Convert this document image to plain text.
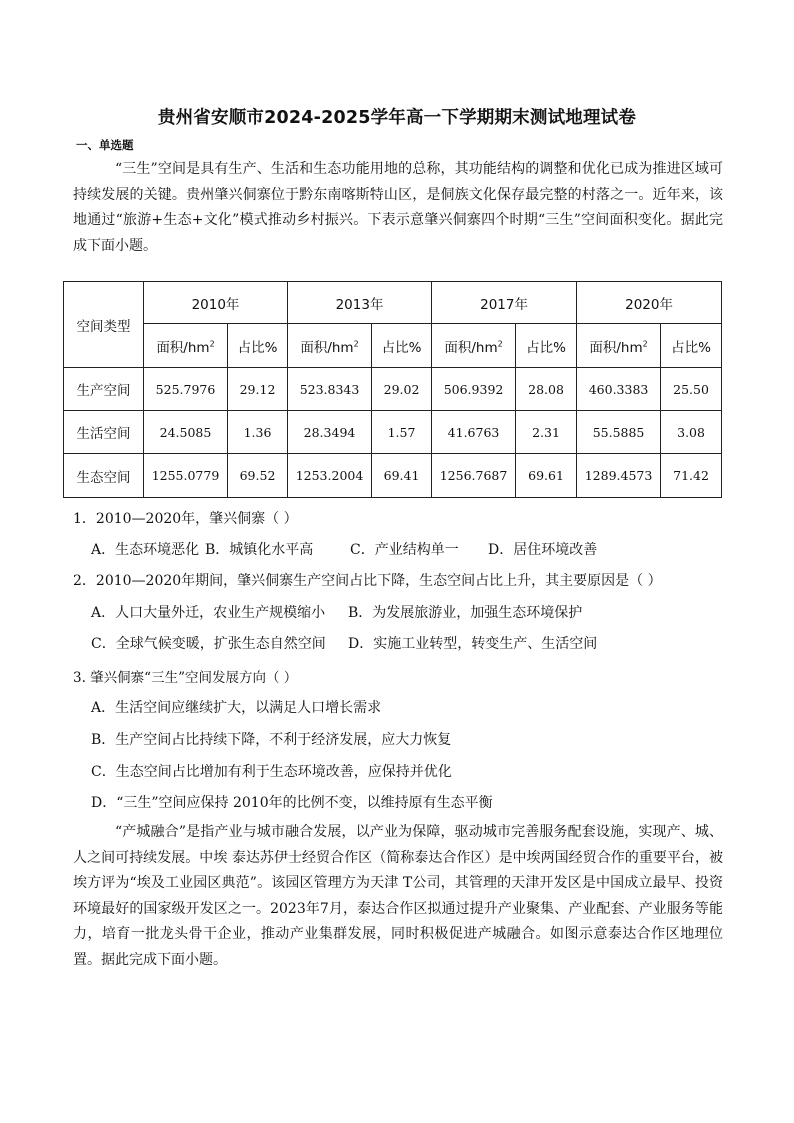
贵州省安顺市2024-2025学年高一下学期期末测试地理试卷
一、单选题
“三生”空间是具有生产、生活和生态功能用地的总称，其功能结构的调整和优化已成为推进区域可持续发展的关键。贵州肇兴侗寨位于黔东南喀斯特山区，是侗族文化保存最完整的村落之一。近年来，该地通过“旅游+生态+文化”模式推动乡村振兴。下表示意肇兴侗寨四个时期“三生”空间面积变化。据此完成下面小题。
空间类型	2010年		2013年		2017年		2020年	
	面积$/hm^2$	占比%	面积$/hm^2$	占比%	面积$/hm^2$	占比%	面积$/hm^2$	占比%
生产空间	525.7976	29.12	523.8343	29.02	506.9392	28.08	460.3383	25.50
生活空间	24.5085	1.36	28.3494	1.57	41.6763	2.31	55.5885	3.08
生态空间	1255.0779	69.52	1253.2004	69.41	1256.7687	69.61	1289.4573	71.42
1．2010—2020年，肇兴侗寨（ ）
A．生态环境恶化 B．城镇化水平高	C．产业结构单一 D．居住环境改善
2．2010—2020年期间，肇兴侗寨生产空间占比下降，生态空间占比上升，其主要原因是（ ）
A．人口大量外迁，农业生产规模缩小 B．为发展旅游业，加强生态环境保护
C．全球气候变暖，扩张生态自然空间 D．实施工业转型，转变生产、生活空间
3. 肇兴侗寨“三生”空间发展方向（ ）
A．生活空间应继续扩大，以满足人口增长需求
B．生产空间占比持续下降，不利于经济发展，应大力恢复
C．生态空间占比增加有利于生态环境改善，应保持并优化
D．“三生”空间应保持 2010年的比例不变，以维持原有生态平衡
“产城融合”是指产业与城市融合发展，以产业为保障，驱动城市完善服务配套设施，实现产、城、人之间可持续发展。中埃 泰达苏伊士经贸合作区（简称泰达合作区）是中埃两国经贸合作的重要平台，被埃方评为“埃及工业园区典范”。该园区管理方为天津 T公司，其管理的天津开发区是中国成立最早、投资环境最好的国家级开发区之一。2023年7月，泰达合作区拟通过提升产业聚集、产业配套、产业服务等能力，培育一批龙头骨干企业，推动产业集群发展，同时积极促进产城融合。如图示意泰达合作区地理位置。据此完成下面小题。
